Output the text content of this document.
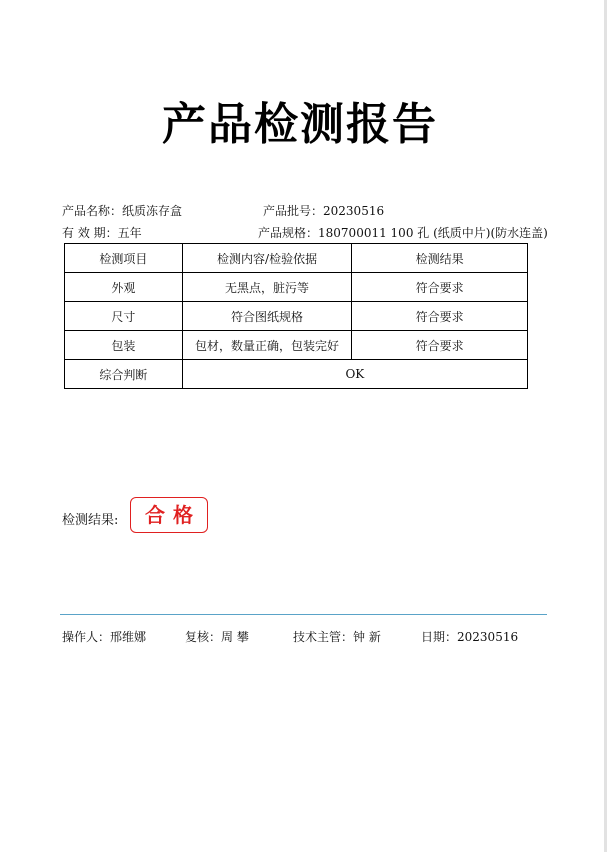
产品检测报告
产品名称：纸质冻存盒	产品批号：20230516
有 效 期：五年	产品规格：180700011 100 孔 (纸质中片)(防水连盖)
检测项目	检测内容/检验依据	检测结果
外观	无黑点，脏污等	符合要求
尺寸	符合图纸规格	符合要求
包装	包材，数量正确，包装完好	符合要求
综合判断	OK	
检测结果:	合格
操作人：邢维娜	复核：周 攀	技术主管：钟 新	日期：20230516
